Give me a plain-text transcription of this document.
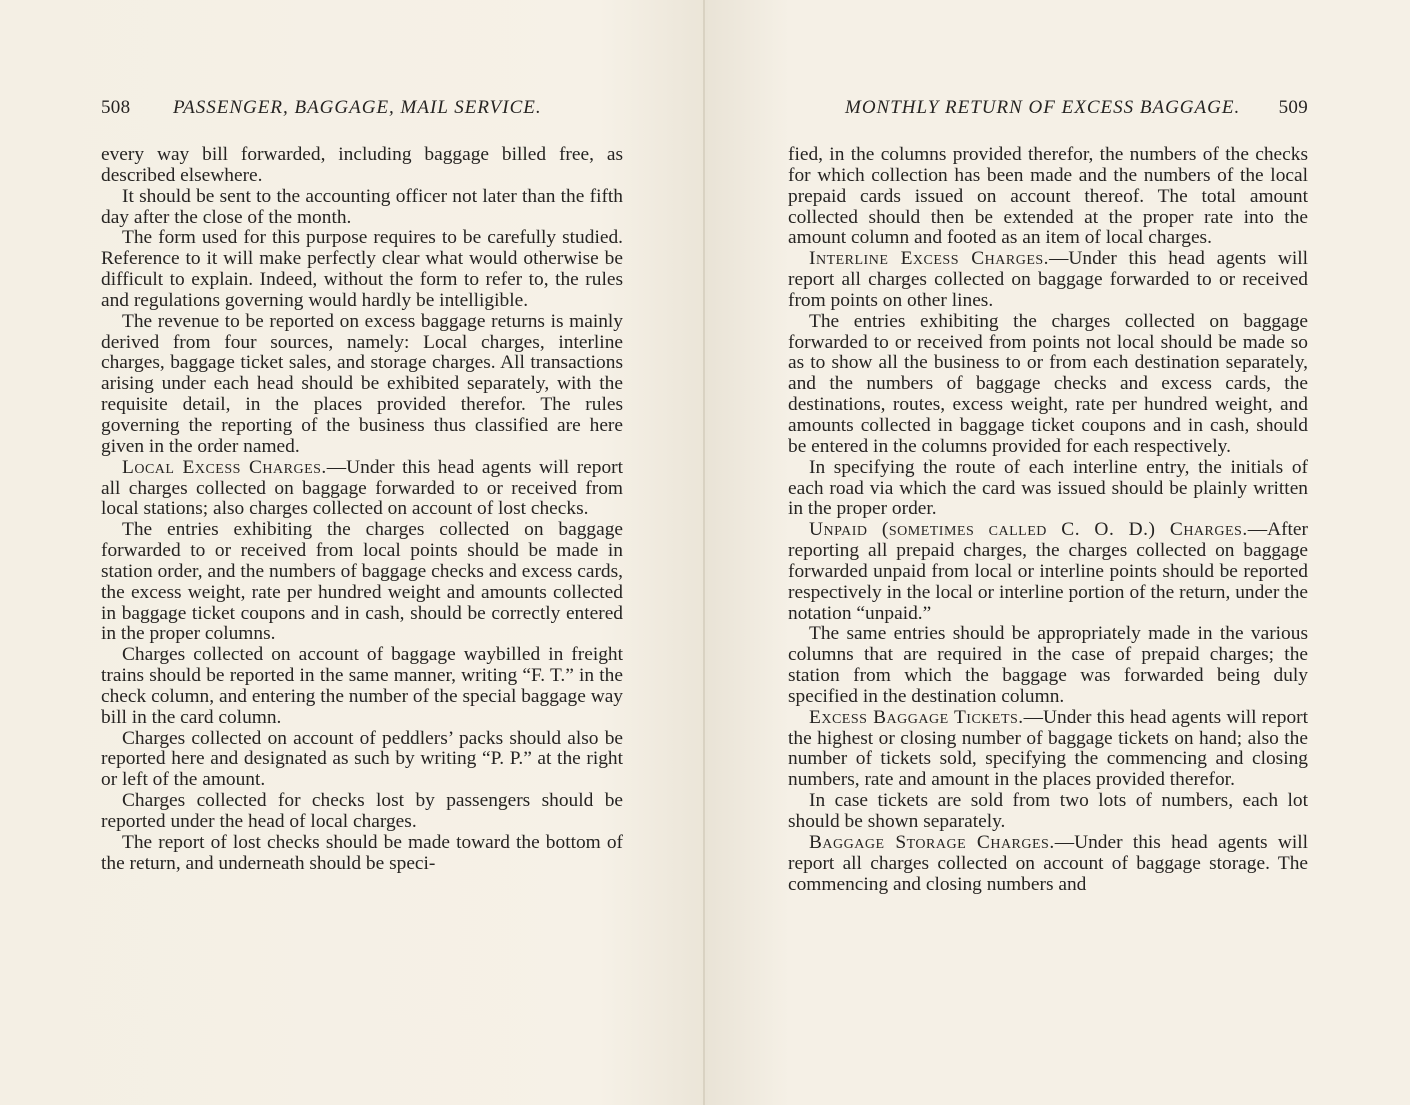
508 PASSENGER, BAGGAGE, MAIL SERVICE.

every way bill forwarded, including baggage billed free, as described elsewhere.

It should be sent to the accounting officer not later than the fifth day after the close of the month.

The form used for this purpose requires to be carefully studied. Reference to it will make perfectly clear what would otherwise be difficult to explain. Indeed, without the form to refer to, the rules and regulations governing would hardly be intelligible.

The revenue to be reported on excess baggage returns is mainly derived from four sources, namely: Local charges, interline charges, baggage ticket sales, and storage charges. All transactions arising under each head should be exhibited separately, with the requisite detail, in the places provided therefor. The rules governing the reporting of the business thus classified are here given in the order named.

Local Excess Charges.—Under this head agents will report all charges collected on baggage forwarded to or received from local stations; also charges collected on account of lost checks.

The entries exhibiting the charges collected on baggage forwarded to or received from local points should be made in station order, and the numbers of baggage checks and excess cards, the excess weight, rate per hundred weight and amounts collected in baggage ticket coupons and in cash, should be correctly entered in the proper columns.

Charges collected on account of baggage waybilled in freight trains should be reported in the same manner, writing “F. T.” in the check column, and entering the number of the special baggage way bill in the card column.

Charges collected on account of peddlers’ packs should also be reported here and designated as such by writing “P. P.” at the right or left of the amount.

Charges collected for checks lost by passengers should be reported under the head of local charges.

The report of lost checks should be made toward the bottom of the return, and underneath should be speci-

MONTHLY RETURN OF EXCESS BAGGAGE. 509

fied, in the columns provided therefor, the numbers of the checks for which collection has been made and the numbers of the local prepaid cards issued on account thereof. The total amount collected should then be extended at the proper rate into the amount column and footed as an item of local charges.

Interline Excess Charges.—Under this head agents will report all charges collected on baggage forwarded to or received from points on other lines.

The entries exhibiting the charges collected on baggage forwarded to or received from points not local should be made so as to show all the business to or from each destination separately, and the numbers of baggage checks and excess cards, the destinations, routes, excess weight, rate per hundred weight, and amounts collected in baggage ticket coupons and in cash, should be entered in the columns provided for each respectively.

In specifying the route of each interline entry, the initials of each road via which the card was issued should be plainly written in the proper order.

Unpaid (sometimes called C. O. D.) Charges.—After reporting all prepaid charges, the charges collected on baggage forwarded unpaid from local or interline points should be reported respectively in the local or interline portion of the return, under the notation “unpaid.”

The same entries should be appropriately made in the various columns that are required in the case of prepaid charges; the station from which the baggage was forwarded being duly specified in the destination column.

Excess Baggage Tickets.—Under this head agents will report the highest or closing number of baggage tickets on hand; also the number of tickets sold, specifying the commencing and closing numbers, rate and amount in the places provided therefor.

In case tickets are sold from two lots of numbers, each lot should be shown separately.

Baggage Storage Charges.—Under this head agents will report all charges collected on account of baggage storage. The commencing and closing numbers and
